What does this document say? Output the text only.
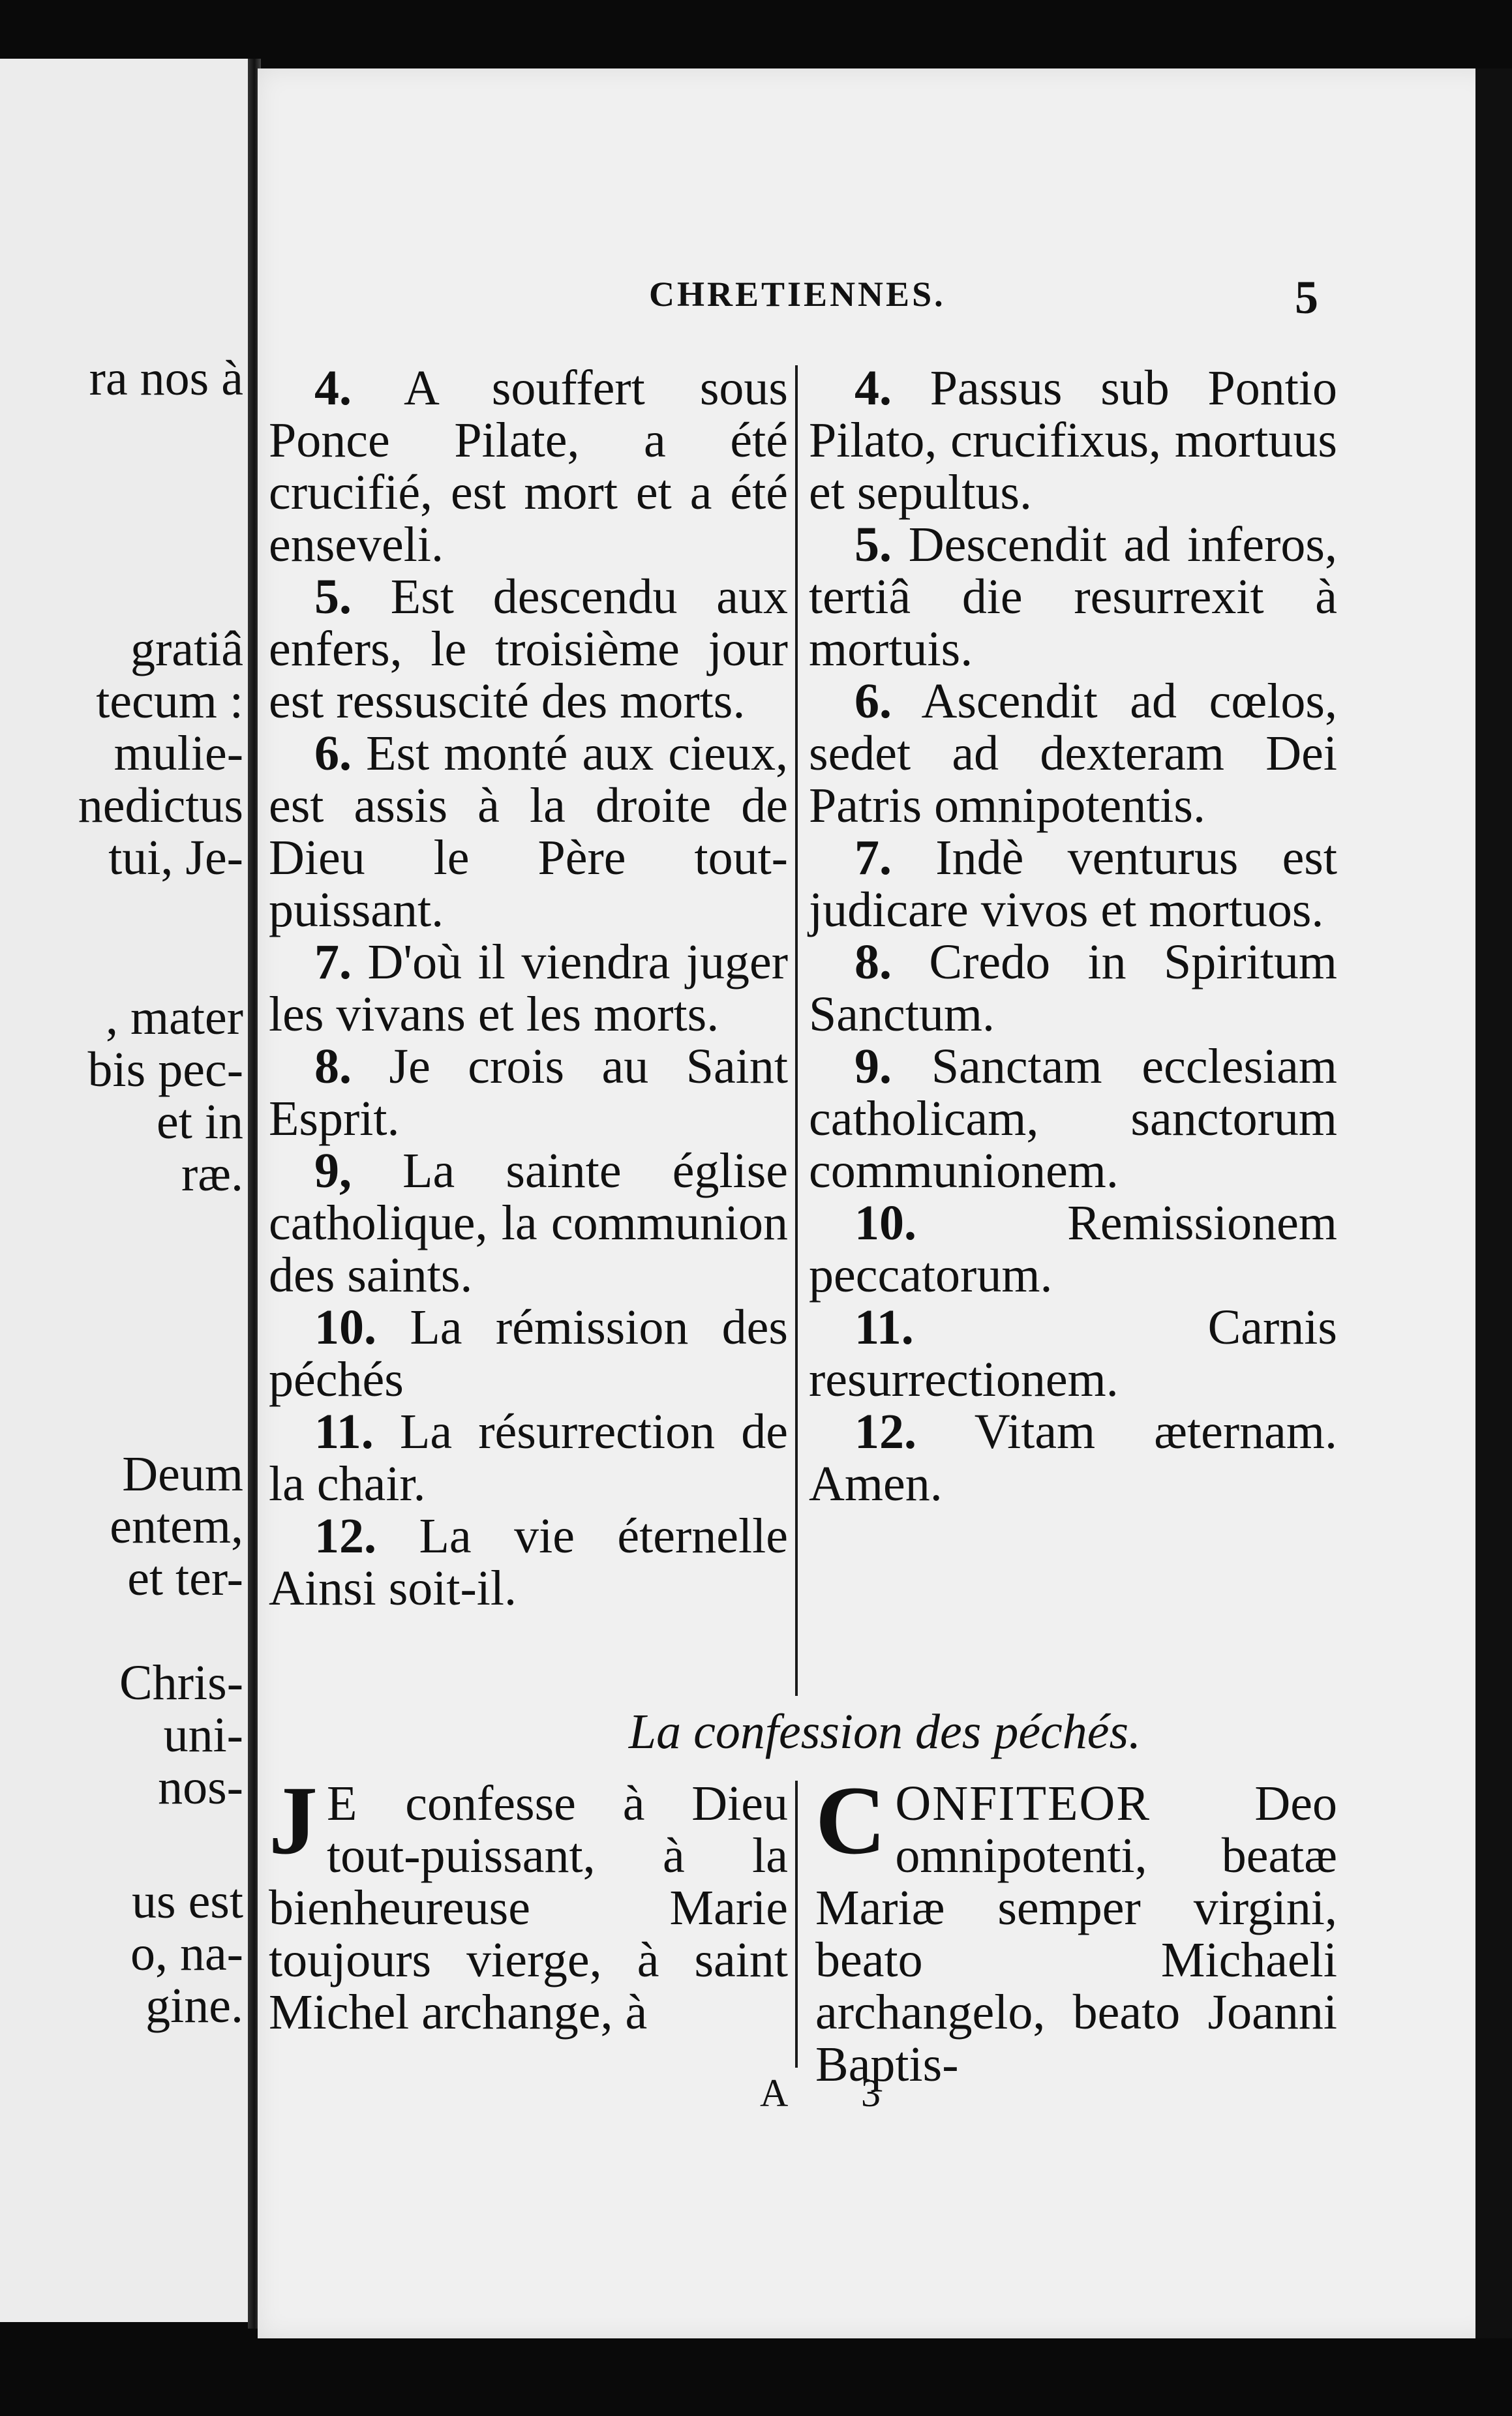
ra nos à
gratiâ
tecum :
mulie-
nedictus
tui, Je-
, mater
bis pec-
et in
ræ.
Deum
entem,
et ter-
Chris-
uni-
nos-
us est
o, na-
gine.
CHRETIENNES.	5

4. A souffert sous Ponce Pilate, a été crucifié, est mort et a été enseveli.

5. Est descendu aux enfers, le troisième jour est ressuscité des morts.

6. Est monté aux cieux, est assis à la droite de Dieu le Père tout-puissant.

7. D'où il viendra juger les vivans et les morts.

8. Je crois au Saint Esprit.

9, La sainte église catholique, la communion des saints.

10. La rémission des péchés

11. La résurrection de la chair.

12. La vie éternelle Ainsi soit-il.

4. Passus sub Pontio Pilato, crucifixus, mortuus et sepultus.

5. Descendit ad inferos, tertiâ die resurrexit à mortuis.

6. Ascendit ad cœlos, sedet ad dexteram Dei Patris omnipotentis.

7. Indè venturus est judicare vivos et mortuos.

8. Credo in Spiritum Sanctum.

9. Sanctam ecclesiam catholicam, sanctorum communionem.

10.	Remissionem peccatorum.

11.	Carnis resurrectionem.

12. Vitam æternam. Amen.

La confession des péchés.

J E confesse à Dieu tout-puissant, à la bienheureuse Marie toujours vierge, à saint Michel archange, à

CONFITEOR Deo omnipotenti, beatæ Mariæ semper virgini, beato Michaeli archangelo, beato Joanni Baptis-

A 3
